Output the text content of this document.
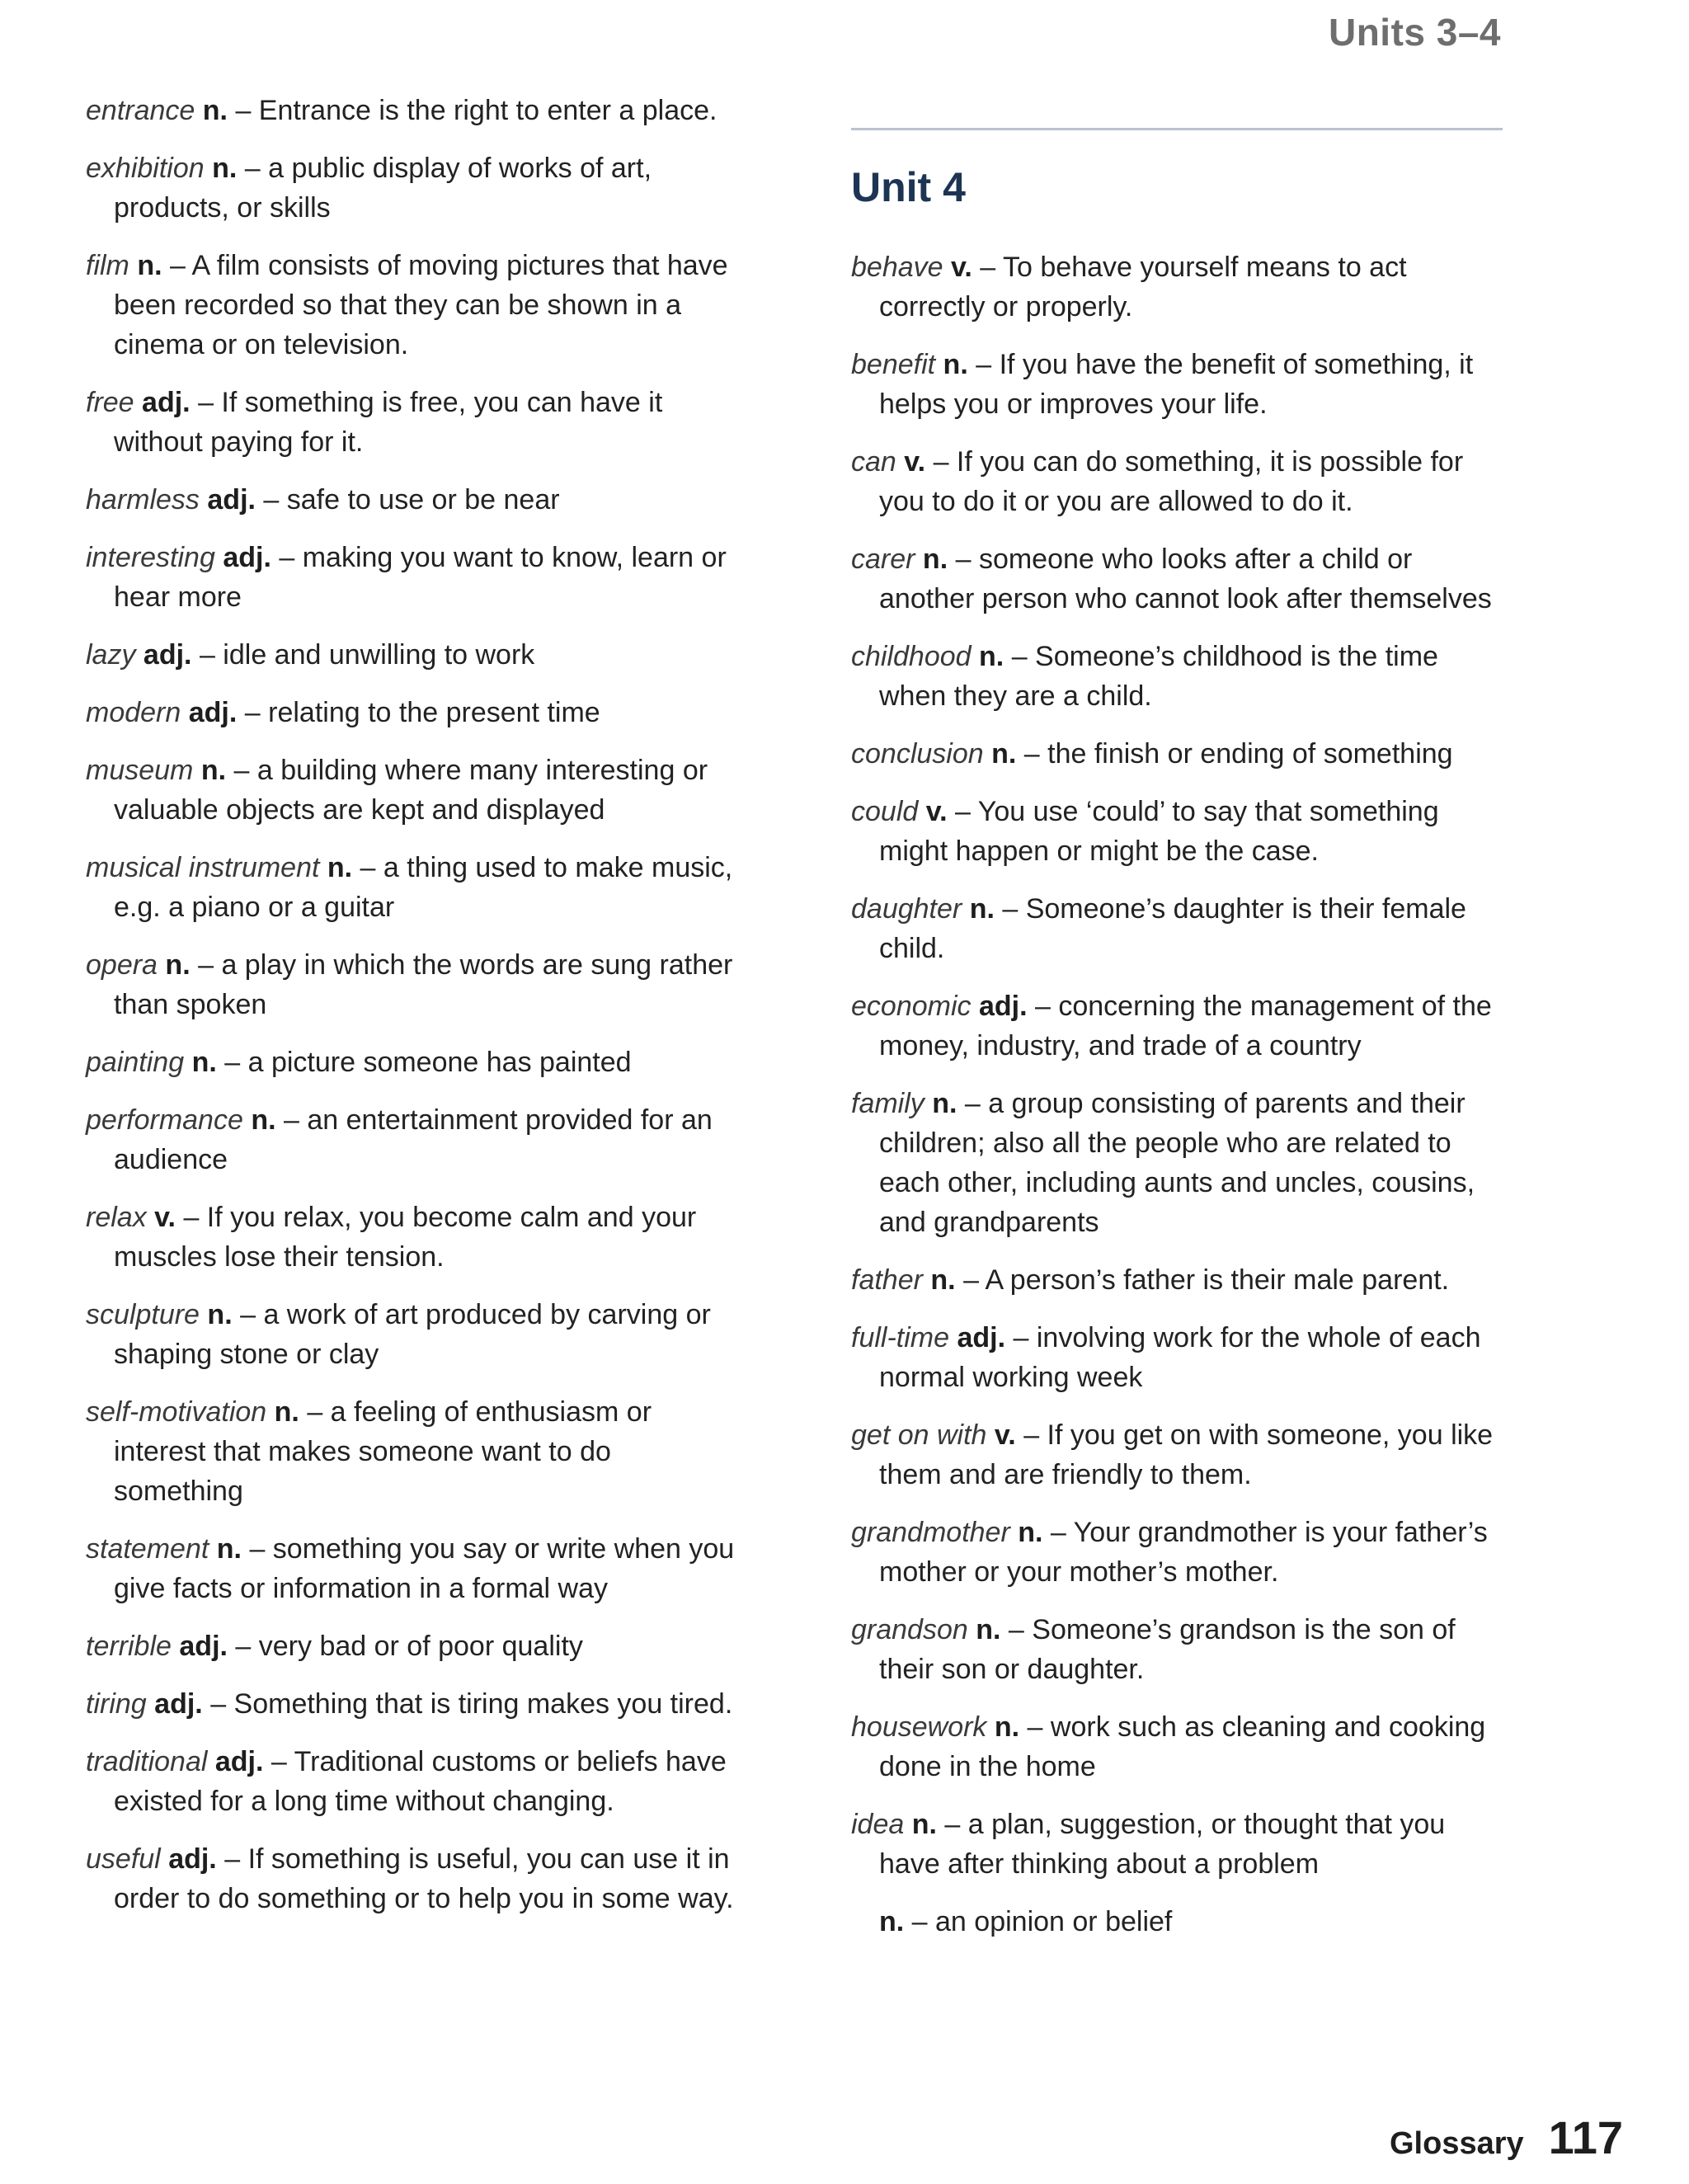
Units 3–4
entrance n. – Entrance is the right to enter a place.
exhibition n. – a public display of works of art, products, or skills
film n. – A film consists of moving pictures that have been recorded so that they can be shown in a cinema or on television.
free adj. – If something is free, you can have it without paying for it.
harmless adj. – safe to use or be near
interesting adj. – making you want to know, learn or hear more
lazy adj. – idle and unwilling to work
modern adj. – relating to the present time
museum n. – a building where many interesting or valuable objects are kept and displayed
musical instrument n. – a thing used to make music, e.g. a piano or a guitar
opera n. – a play in which the words are sung rather than spoken
painting n. – a picture someone has painted
performance n. – an entertainment provided for an audience
relax v. – If you relax, you become calm and your muscles lose their tension.
sculpture n. – a work of art produced by carving or shaping stone or clay
self-motivation n. – a feeling of enthusiasm or interest that makes someone want to do something
statement n. – something you say or write when you give facts or information in a formal way
terrible adj. – very bad or of poor quality
tiring adj. – Something that is tiring makes you tired.
traditional adj. – Traditional customs or beliefs have existed for a long time without changing.
useful adj. – If something is useful, you can use it in order to do something or to help you in some way.
Unit 4
behave v. – To behave yourself means to act correctly or properly.
benefit n. – If you have the benefit of something, it helps you or improves your life.
can v. – If you can do something, it is possible for you to do it or you are allowed to do it.
carer n. – someone who looks after a child or another person who cannot look after themselves
childhood n. – Someone’s childhood is the time when they are a child.
conclusion n. – the finish or ending of something
could v. – You use ‘could’ to say that something might happen or might be the case.
daughter n. – Someone’s daughter is their female child.
economic adj. – concerning the management of the money, industry, and trade of a country
family n. – a group consisting of parents and their children; also all the people who are related to each other, including aunts and uncles, cousins, and grandparents
father n. – A person’s father is their male parent.
full-time adj. – involving work for the whole of each normal working week
get on with v. – If you get on with someone, you like them and are friendly to them.
grandmother n. – Your grandmother is your father’s mother or your mother’s mother.
grandson n. – Someone’s grandson is the son of their son or daughter.
housework n. – work such as cleaning and cooking done in the home
idea n. – a plan, suggestion, or thought that you have after thinking about a problem
n. – an opinion or belief
Glossary 117
